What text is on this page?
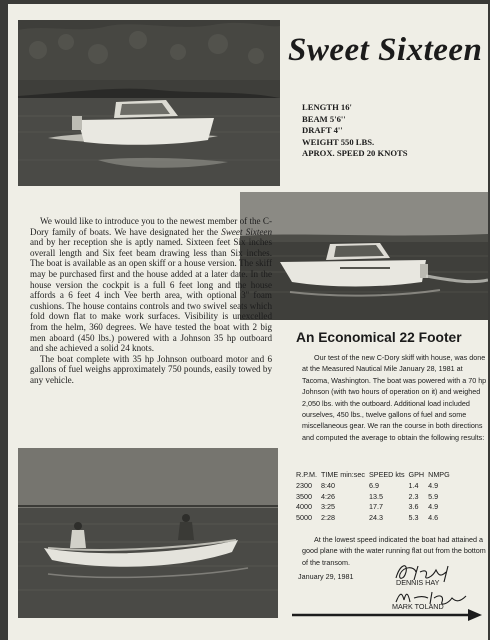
Sweet Sixteen
LENGTH 16'
BEAM 5'6''
DRAFT 4''
WEIGHT 550 LBS.
APROX. SPEED 20 KNOTS

We would like to introduce you to the newest member of the C-Dory family of boats. We have designated her the Sweet Sixteen and by her reception she is aptly named. Sixteen feet Six inches overall length and Six feet beam drawing less than Six inches. The boat is available as an open skiff or a house version. The skiff may be purchased first and the house added at a later date. In the house version the cockpit is a full 6 feet long and the house affords a 6 feet 4 inch Vee berth area, with optional 3'' foam cushions. The house contains controls and two swivel seats which fold down flat to make work surfaces. Visibility is unexcelled from the helm, 360 degrees. We have tested the boat with 2 big men aboard (450 lbs.) powered with a Johnson 35 hp outboard and she achieved a solid 24 knots.

The boat complete with 35 hp Johnson outboard motor and 6 gallons of fuel weighs approximately 750 pounds, easily towed by any vehicle.

An Economical 22 Footer

Our test of the new C-Dory skiff with house, was done at the Measured Nautical Mile January 28, 1981 at Tacoma, Washington. The boat was powered with a 70 hp Johnson (with two hours of operation on it) and weighed 2,050 lbs. with the outboard. Additional load included ourselves, 450 lbs., twelve gallons of fuel and some miscellaneous gear. We ran the course in both directions and computed the average to obtain the following results:

R.P.M.	TIME min:sec	SPEED kts	GPH	NMPG
2300	8:40	6.9	1.4	4.9
3500	4:26	13.5	2.3	5.9
4000	3:25	17.7	3.6	4.9
5000	2:28	24.3	5.3	4.6

At the lowest speed indicated the boat had attained a good plane with the water running flat out from the bottom of the transom.

January 29, 1981
DENNIS HAY
MARK TOLAND
